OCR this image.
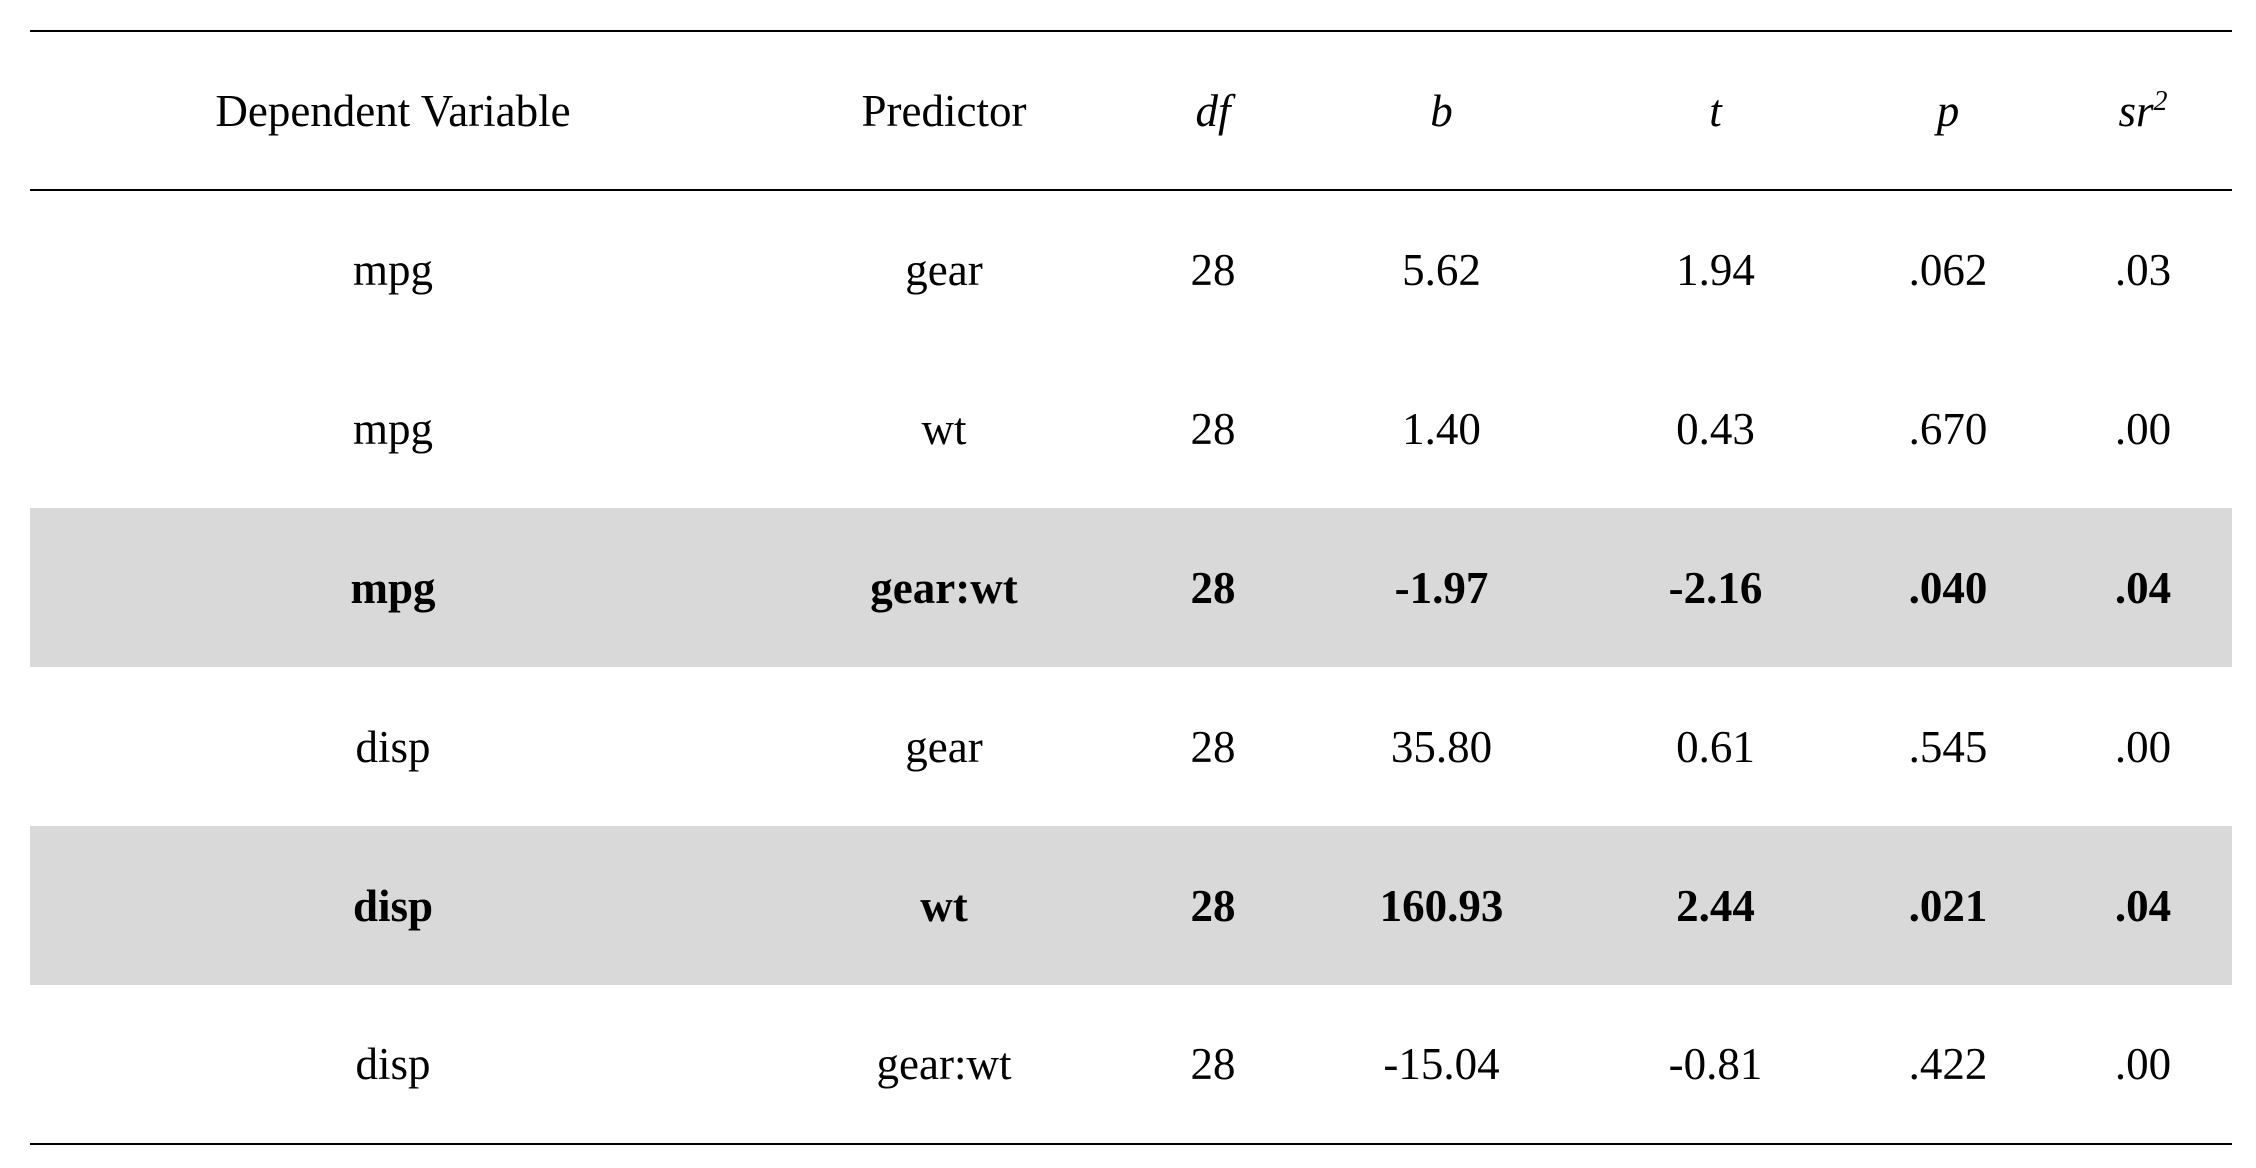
Dependent Variable	Predictor	df	b	t	p	$sr^2$
mpg	gear	28	5.62	1.94	.062	.03
mpg	wt	28	1.40	0.43	.670	.00
mpg	gear:wt	28	-1.97	-2.16	.040	.04
disp	gear	28	35.80	0.61	.545	.00
disp	wt	28	160.93	2.44	.021	.04
disp	gear:wt	28	-15.04	-0.81	.422	.00
